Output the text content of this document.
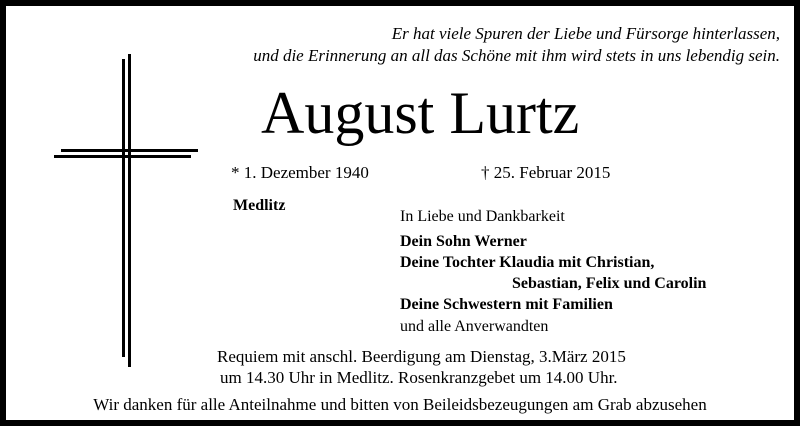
Er hat viele Spuren der Liebe und Fürsorge hinterlassen,
und die Erinnerung an all das Schöne mit ihm wird stets in uns lebendig sein.
August Lurtz
* 1. Dezember 1940	† 25. Februar 2015
Medlitz
In Liebe und Dankbarkeit
Dein Sohn Werner
Deine Tochter Klaudia mit Christian,
Sebastian, Felix und Carolin
Deine Schwestern mit Familien
und alle Anverwandten
Requiem mit anschl. Beerdigung am Dienstag, 3.März 2015
um 14.30 Uhr in Medlitz. Rosenkranzgebet um 14.00 Uhr.
Wir danken für alle Anteilnahme und bitten von Beileidsbezeugungen am Grab abzusehen
